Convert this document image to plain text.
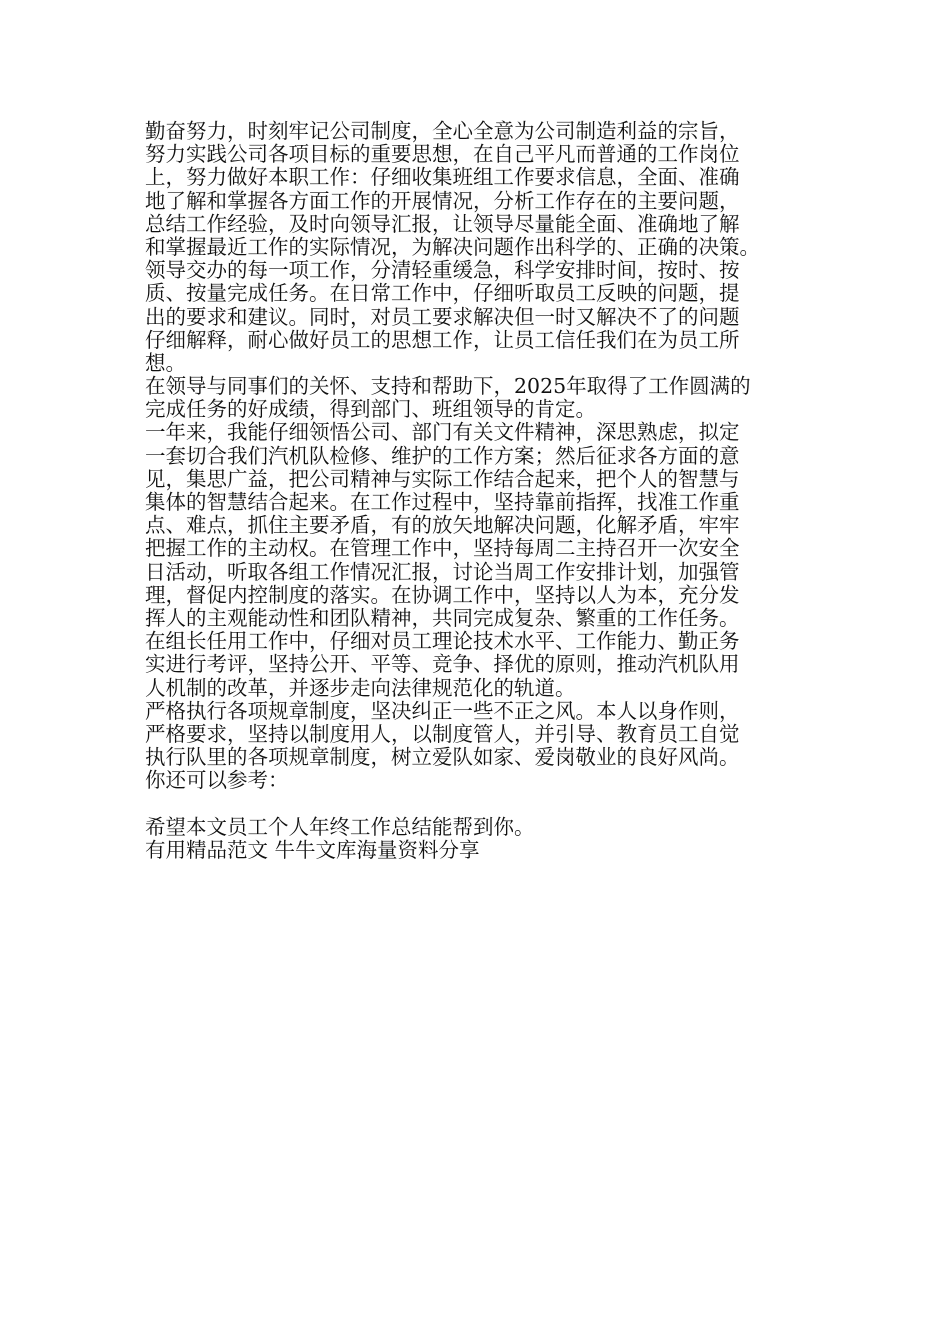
勤奋努力，时刻牢记公司制度，全心全意为公司制造利益的宗旨，
努力实践公司各项目标的重要思想，在自己平凡而普通的工作岗位
上，努力做好本职工作：仔细收集班组工作要求信息，全面、准确
地了解和掌握各方面工作的开展情况，分析工作存在的主要问题，
总结工作经验，及时向领导汇报，让领导尽量能全面、准确地了解
和掌握最近工作的实际情况，为解决问题作出科学的、正确的决策。
领导交办的每一项工作，分清轻重缓急，科学安排时间，按时、按
质、按量完成任务。在日常工作中，仔细听取员工反映的问题，提
出的要求和建议。同时，对员工要求解决但一时又解决不了的问题
仔细解释，耐心做好员工的思想工作，让员工信任我们在为员工所
想。
在领导与同事们的关怀、支持和帮助下，2025年取得了工作圆满的
完成任务的好成绩，得到部门、班组领导的肯定。
一年来，我能仔细领悟公司、部门有关文件精神，深思熟虑，拟定
一套切合我们汽机队检修、维护的工作方案；然后征求各方面的意
见，集思广益，把公司精神与实际工作结合起来，把个人的智慧与
集体的智慧结合起来。在工作过程中，坚持靠前指挥，找准工作重
点、难点，抓住主要矛盾，有的放矢地解决问题，化解矛盾，牢牢
把握工作的主动权。在管理工作中，坚持每周二主持召开一次安全
日活动，听取各组工作情况汇报，讨论当周工作安排计划，加强管
理，督促内控制度的落实。在协调工作中，坚持以人为本，充分发
挥人的主观能动性和团队精神，共同完成复杂、繁重的工作任务。
在组长任用工作中，仔细对员工理论技术水平、工作能力、勤正务
实进行考评，坚持公开、平等、竞争、择优的原则，推动汽机队用
人机制的改革，并逐步走向法律规范化的轨道。
严格执行各项规章制度，坚决纠正一些不正之风。本人以身作则，
严格要求，坚持以制度用人，以制度管人，并引导、教育员工自觉
执行队里的各项规章制度，树立爱队如家、爱岗敬业的良好风尚。
你还可以参考：
希望本文员工个人年终工作总结能帮到你。
有用精品范文 牛牛文库海量资料分享
